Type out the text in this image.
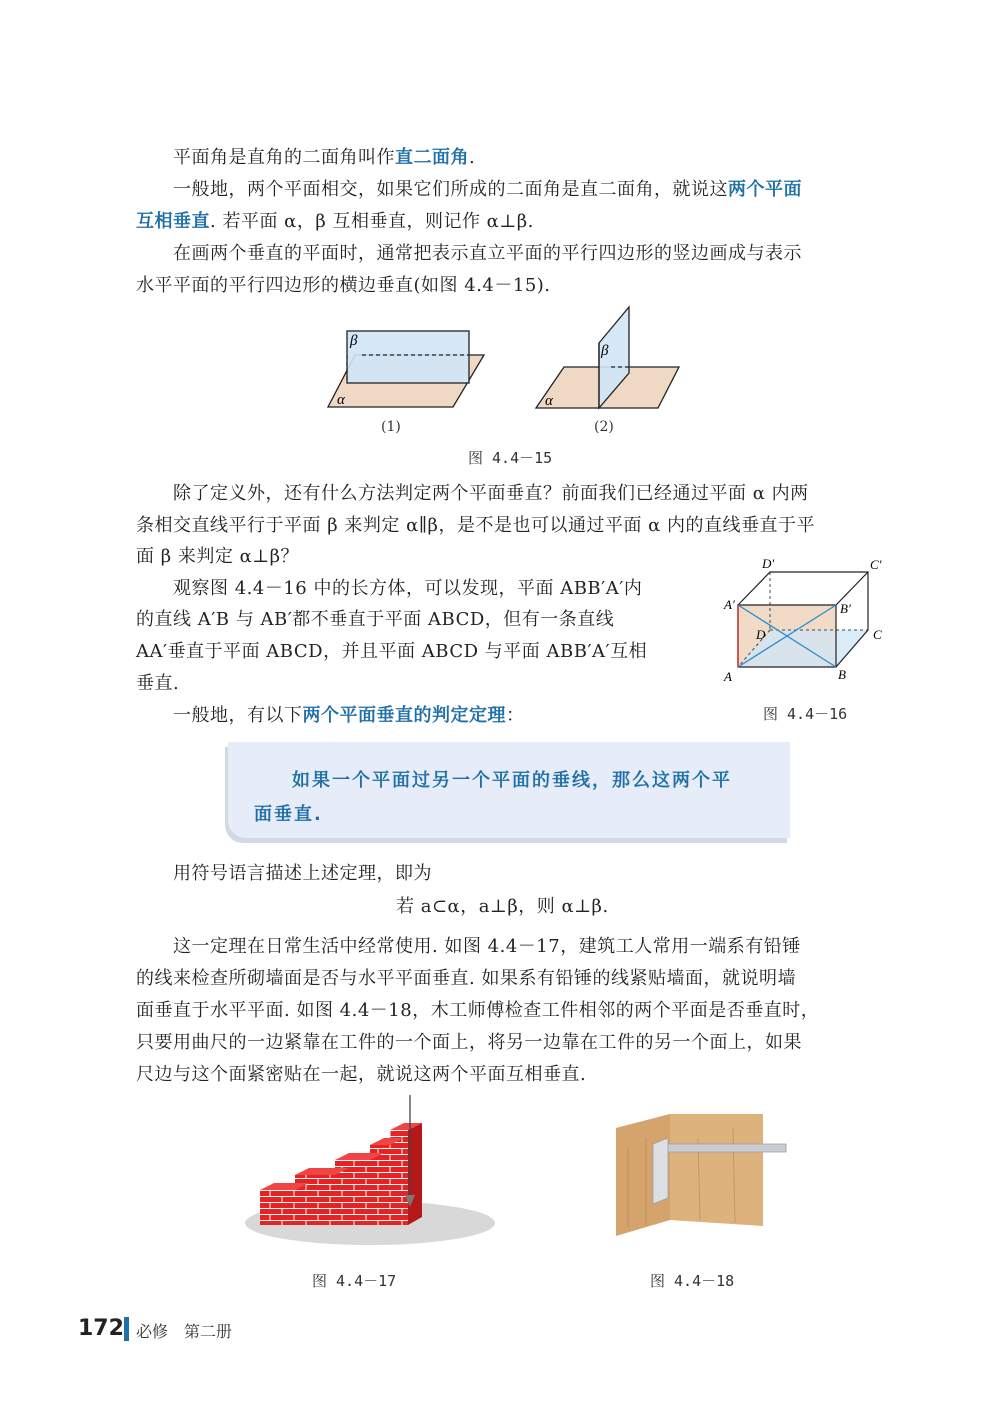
平面角是直角的二面角叫作直二面角.
一般地，两个平面相交，如果它们所成的二面角是直二面角，就说这两个平面
互相垂直. 若平面 α，β 互相垂直，则记作 α⊥β.
在画两个垂直的平面时，通常把表示直立平面的平行四边形的竖边画成与表示
水平平面的平行四边形的横边垂直(如图 4.4－15).
α
β
α
β
(1)	(2)
图 4.4－15
除了定义外，还有什么方法判定两个平面垂直？前面我们已经通过平面 α 内两
条相交直线平行于平面 β 来判定 α∥β，是不是也可以通过平面 α 内的直线垂直于平
面 β 来判定 α⊥β？
观察图 4.4－16 中的长方体，可以发现，平面 ABB′A′内
的直线 A′B 与 AB′都不垂直于平面 ABCD，但有一条直线
AA′垂直于平面 ABCD，并且平面 ABCD 与平面 ABB′A′互相
垂直.	A	B
C
D
A′	B′
C′
D′
图 4.4－16
一般地，有以下两个平面垂直的判定定理：
如果一个平面过另一个平面的垂线，那么这两个平
面垂直.
用符号语言描述上述定理，即为
若 a⊂α，a⊥β，则 α⊥β.
这一定理在日常生活中经常使用. 如图 4.4－17，建筑工人常用一端系有铅锤
的线来检查所砌墙面是否与水平平面垂直. 如果系有铅锤的线紧贴墙面，就说明墙
面垂直于水平平面. 如图 4.4－18，木工师傅检查工件相邻的两个平面是否垂直时，
只要用曲尺的一边紧靠在工件的一个面上，将另一边靠在工件的另一个面上，如果
尺边与这个面紧密贴在一起，就说这两个平面互相垂直.
图 4.4－17	图 4.4－18
172 必修　第二册
